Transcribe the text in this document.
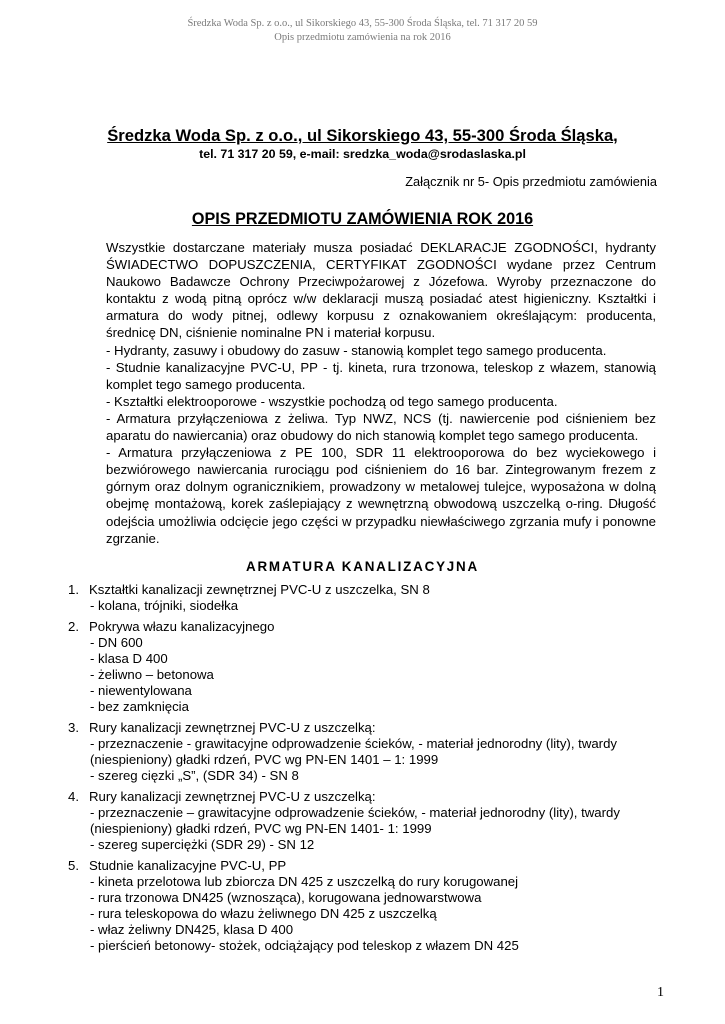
Średzka Woda Sp. z o.o., ul Sikorskiego 43, 55-300 Środa Śląska, tel. 71 317 20 59
Opis przedmiotu zamówienia na rok 2016
Średzka Woda Sp. z o.o., ul Sikorskiego 43, 55-300 Środa Śląska,
tel. 71 317 20 59, e-mail: sredzka_woda@srodaslaska.pl
Załącznik nr 5- Opis przedmiotu zamówienia
OPIS PRZEDMIOTU ZAMÓWIENIA ROK 2016

Wszystkie dostarczane materiały musza posiadać DEKLARACJE ZGODNOŚCI, hydranty ŚWIADECTWO DOPUSZCZENIA, CERTYFIKAT ZGODNOŚCI wydane przez Centrum Naukowo Badawcze Ochrony Przeciwpożarowej z Józefowa. Wyroby przeznaczone do kontaktu z wodą pitną oprócz w/w deklaracji muszą posiadać atest higieniczny. Kształtki i armatura do wody pitnej, odlewy korpusu z oznakowaniem określającym: producenta, średnicę DN, ciśnienie nominalne PN i materiał korpusu.

- Hydranty, zasuwy i obudowy do zasuw - stanowią komplet tego samego producenta.

- Studnie kanalizacyjne PVC-U, PP - tj. kineta, rura trzonowa, teleskop z włazem, stanowią komplet tego samego producenta.

- Kształtki elektrooporowe - wszystkie pochodzą od tego samego producenta.

- Armatura przyłączeniowa z żeliwa. Typ NWZ, NCS (tj. nawiercenie pod ciśnieniem bez aparatu do nawiercania) oraz obudowy do nich stanowią komplet tego samego producenta.

- Armatura przyłączeniowa z PE 100, SDR 11 elektrooporowa do bez wyciekowego i bezwiórowego nawiercania rurociągu pod ciśnieniem do 16 bar. Zintegrowanym frezem z górnym oraz dolnym ogranicznikiem, prowadzony w metalowej tulejce, wyposażona w dolną obejmę montażową, korek zaślepiający z wewnętrzną obwodową uszczelką o-ring. Długość odejścia umożliwia odcięcie jego części w przypadku niewłaściwego zgrzania mufy i ponowne zgrzanie.

ARMATURA KANALIZACYJNA
1. Kształtki kanalizacji zewnętrznej PVC-U z uszczelka, SN 8
- kolana, trójniki, siodełka
2. Pokrywa włazu kanalizacyjnego
- DN 600
- klasa D 400
- żeliwno – betonowa
- niewentylowana
- bez zamknięcia
3. Rury kanalizacji zewnętrznej PVC-U z uszczelką:
- przeznaczenie - grawitacyjne odprowadzenie ścieków, - materiał jednorodny (lity), twardy (niespieniony) gładki rdzeń, PVC wg PN-EN 1401 – 1: 1999
- szereg cięzki „S”, (SDR 34) - SN 8
4. Rury kanalizacji zewnętrznej PVC-U z uszczelką:
- przeznaczenie – grawitacyjne odprowadzenie ścieków, - materiał jednorodny (lity), twardy (niespieniony) gładki rdzeń, PVC wg PN-EN 1401- 1: 1999
- szereg superciężki (SDR 29) - SN 12
5. Studnie kanalizacyjne PVC-U, PP
- kineta przelotowa lub zbiorcza DN 425 z uszczelką do rury korugowanej
- rura trzonowa DN425 (wznosząca), korugowana jednowarstwowa
- rura teleskopowa do włazu żeliwnego DN 425 z uszczelką
- właz żeliwny DN425, klasa D 400
- pierścień betonowy- stożek, odciążający pod teleskop z włazem DN 425
1
